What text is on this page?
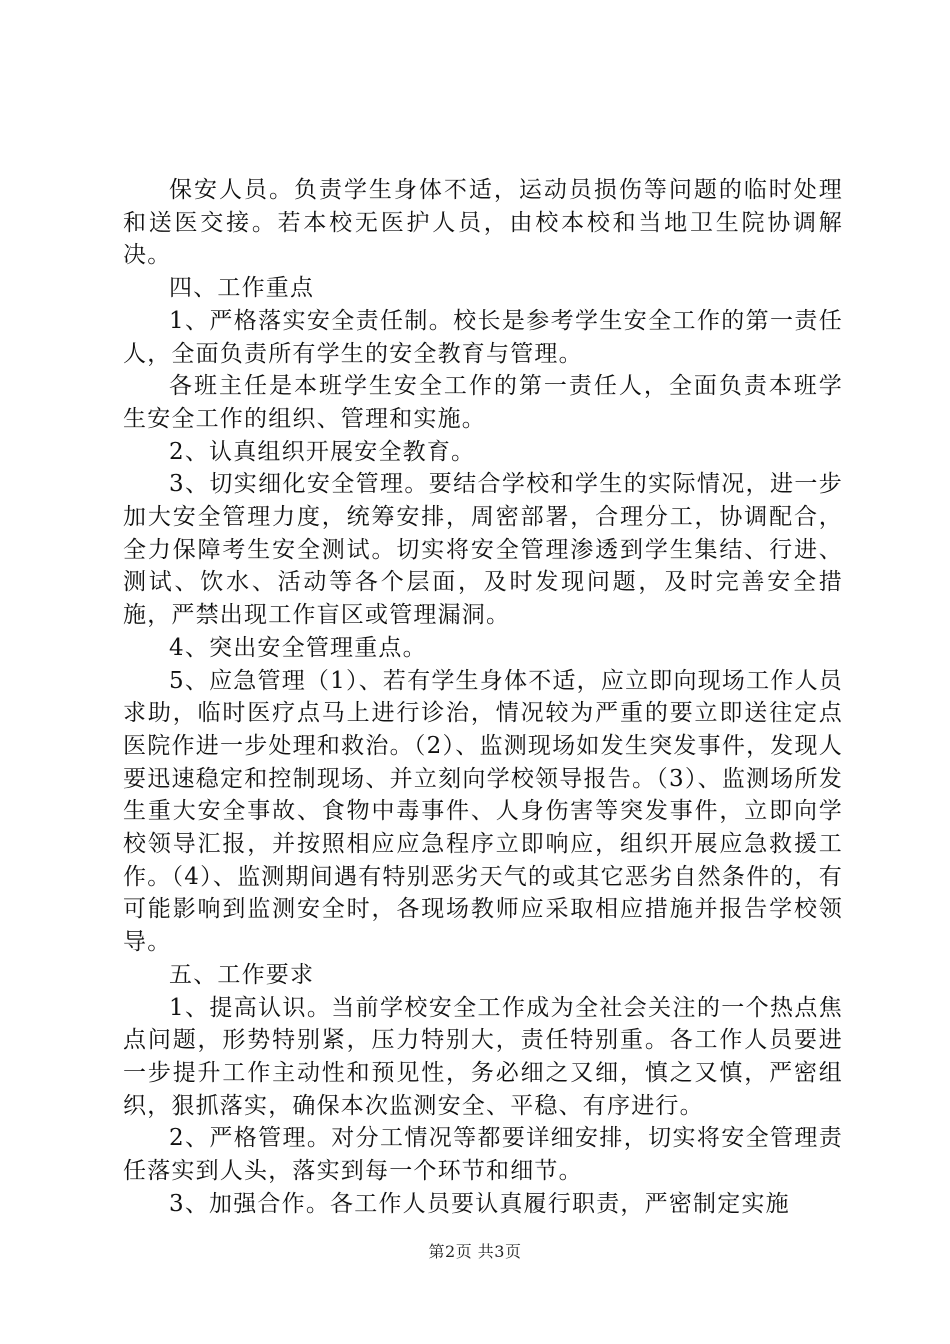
保安人员。负责学生身体不适，运动员损伤等问题的临时处理和送医交接。若本校无医护人员，由校本校和当地卫生院协调解决。

四、工作重点

1、严格落实安全责任制。校长是参考学生安全工作的第一责任人，全面负责所有学生的安全教育与管理。

各班主任是本班学生安全工作的第一责任人，全面负责本班学生安全工作的组织、管理和实施。

2、认真组织开展安全教育。

3、切实细化安全管理。要结合学校和学生的实际情况，进一步加大安全管理力度，统筹安排，周密部署，合理分工，协调配合，全力保障考生安全测试。切实将安全管理渗透到学生集结、行进、测试、饮水、活动等各个层面，及时发现问题，及时完善安全措施，严禁出现工作盲区或管理漏洞。

4、突出安全管理重点。

5、应急管理（1）、若有学生身体不适，应立即向现场工作人员求助，临时医疗点马上进行诊治，情况较为严重的要立即送往定点医院作进一步处理和救治。（2）、监测现场如发生突发事件，发现人要迅速稳定和控制现场、并立刻向学校领导报告。（3）、监测场所发生重大安全事故、食物中毒事件、人身伤害等突发事件，立即向学校领导汇报，并按照相应应急程序立即响应，组织开展应急救援工作。（4）、监测期间遇有特别恶劣天气的或其它恶劣自然条件的，有可能影响到监测安全时，各现场教师应采取相应措施并报告学校领导。

五、工作要求

1、提高认识。当前学校安全工作成为全社会关注的一个热点焦点问题，形势特别紧，压力特别大，责任特别重。各工作人员要进一步提升工作主动性和预见性，务必细之又细，慎之又慎，严密组织，狠抓落实，确保本次监测安全、平稳、有序进行。

2、严格管理。对分工情况等都要详细安排，切实将安全管理责任落实到人头，落实到每一个环节和细节。

3、加强合作。各工作人员要认真履行职责，严密制定实施

第2页 共3页
